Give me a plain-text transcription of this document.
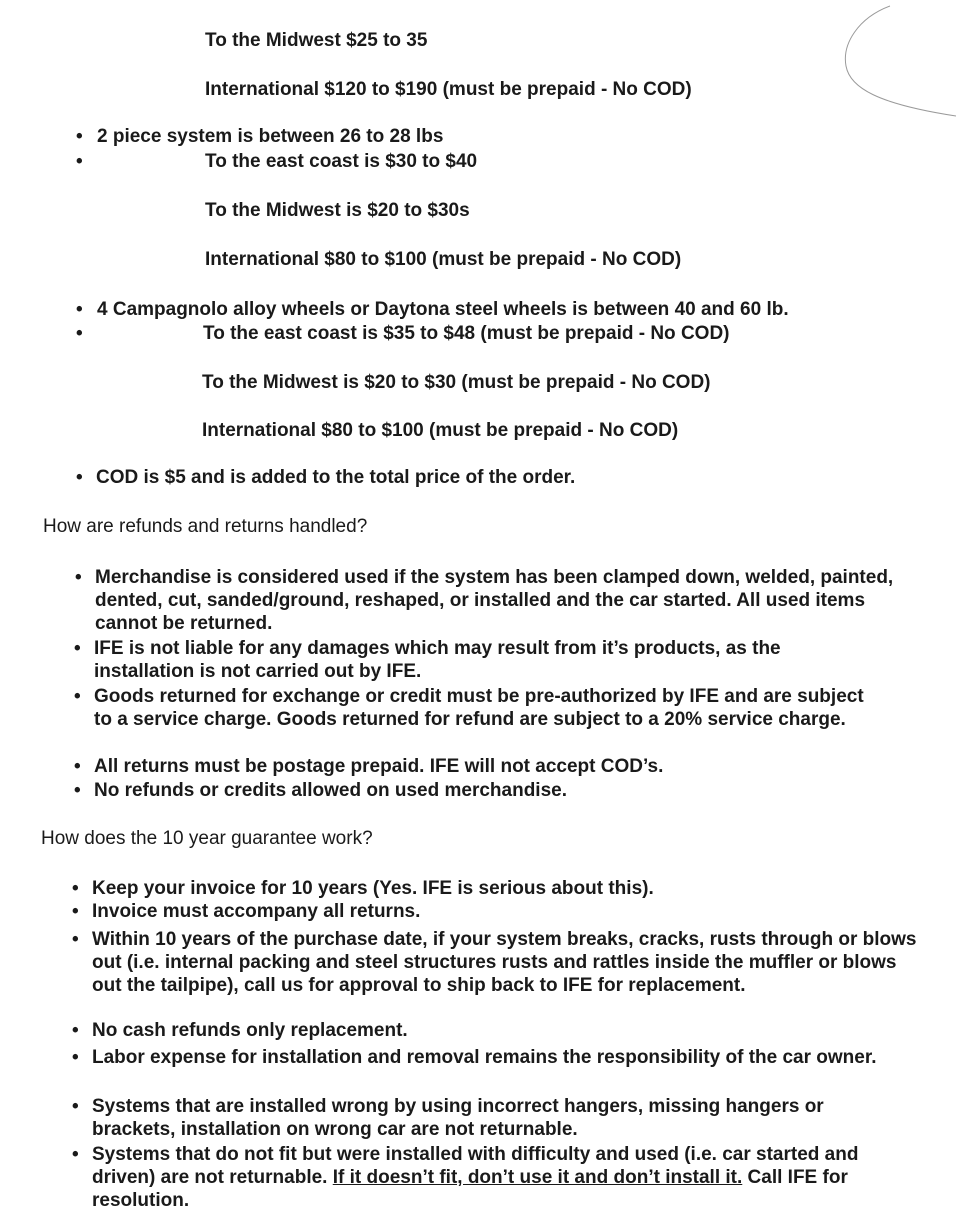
To the Midwest $25 to 35
International $120 to $190 (must be prepaid - No COD)
• 2 piece system is between 26 to 28 lbs
•	To the east coast is $30 to $40
To the Midwest is $20 to $30s
International $80 to $100 (must be prepaid - No COD)
• 4 Campagnolo alloy wheels or Daytona steel wheels is between 40 and 60 lb.
•	To the east coast is $35 to $48 (must be prepaid - No COD)
To the Midwest is $20 to $30 (must be prepaid - No COD)
International $80 to $100 (must be prepaid - No COD)
• COD is $5 and is added to the total price of the order.
How are refunds and returns handled?
• Merchandise is considered used if the system has been clamped down, welded, painted, dented, cut, sanded/ground, reshaped, or installed and the car started. All used items cannot be returned.
• IFE is not liable for any damages which may result from it’s products, as the installation is not carried out by IFE.
• Goods returned for exchange or credit must be pre-authorized by IFE and are subject to a service charge. Goods returned for refund are subject to a 20% service charge.
• All returns must be postage prepaid. IFE will not accept COD’s.
• No refunds or credits allowed on used merchandise.
How does the 10 year guarantee work?
• Keep your invoice for 10 years (Yes. IFE is serious about this).
• Invoice must accompany all returns.
• Within 10 years of the purchase date, if your system breaks, cracks, rusts through or blows out (i.e. internal packing and steel structures rusts and rattles inside the muffler or blows out the tailpipe), call us for approval to ship back to IFE for replacement.
• No cash refunds only replacement.
• Labor expense for installation and removal remains the responsibility of the car owner.
• Systems that are installed wrong by using incorrect hangers, missing hangers or brackets, installation on wrong car are not returnable.
• Systems that do not fit but were installed with difficulty and used (i.e. car started and driven) are not returnable. If it doesn’t fit, don’t use it and don’t install it. Call IFE for resolution.
